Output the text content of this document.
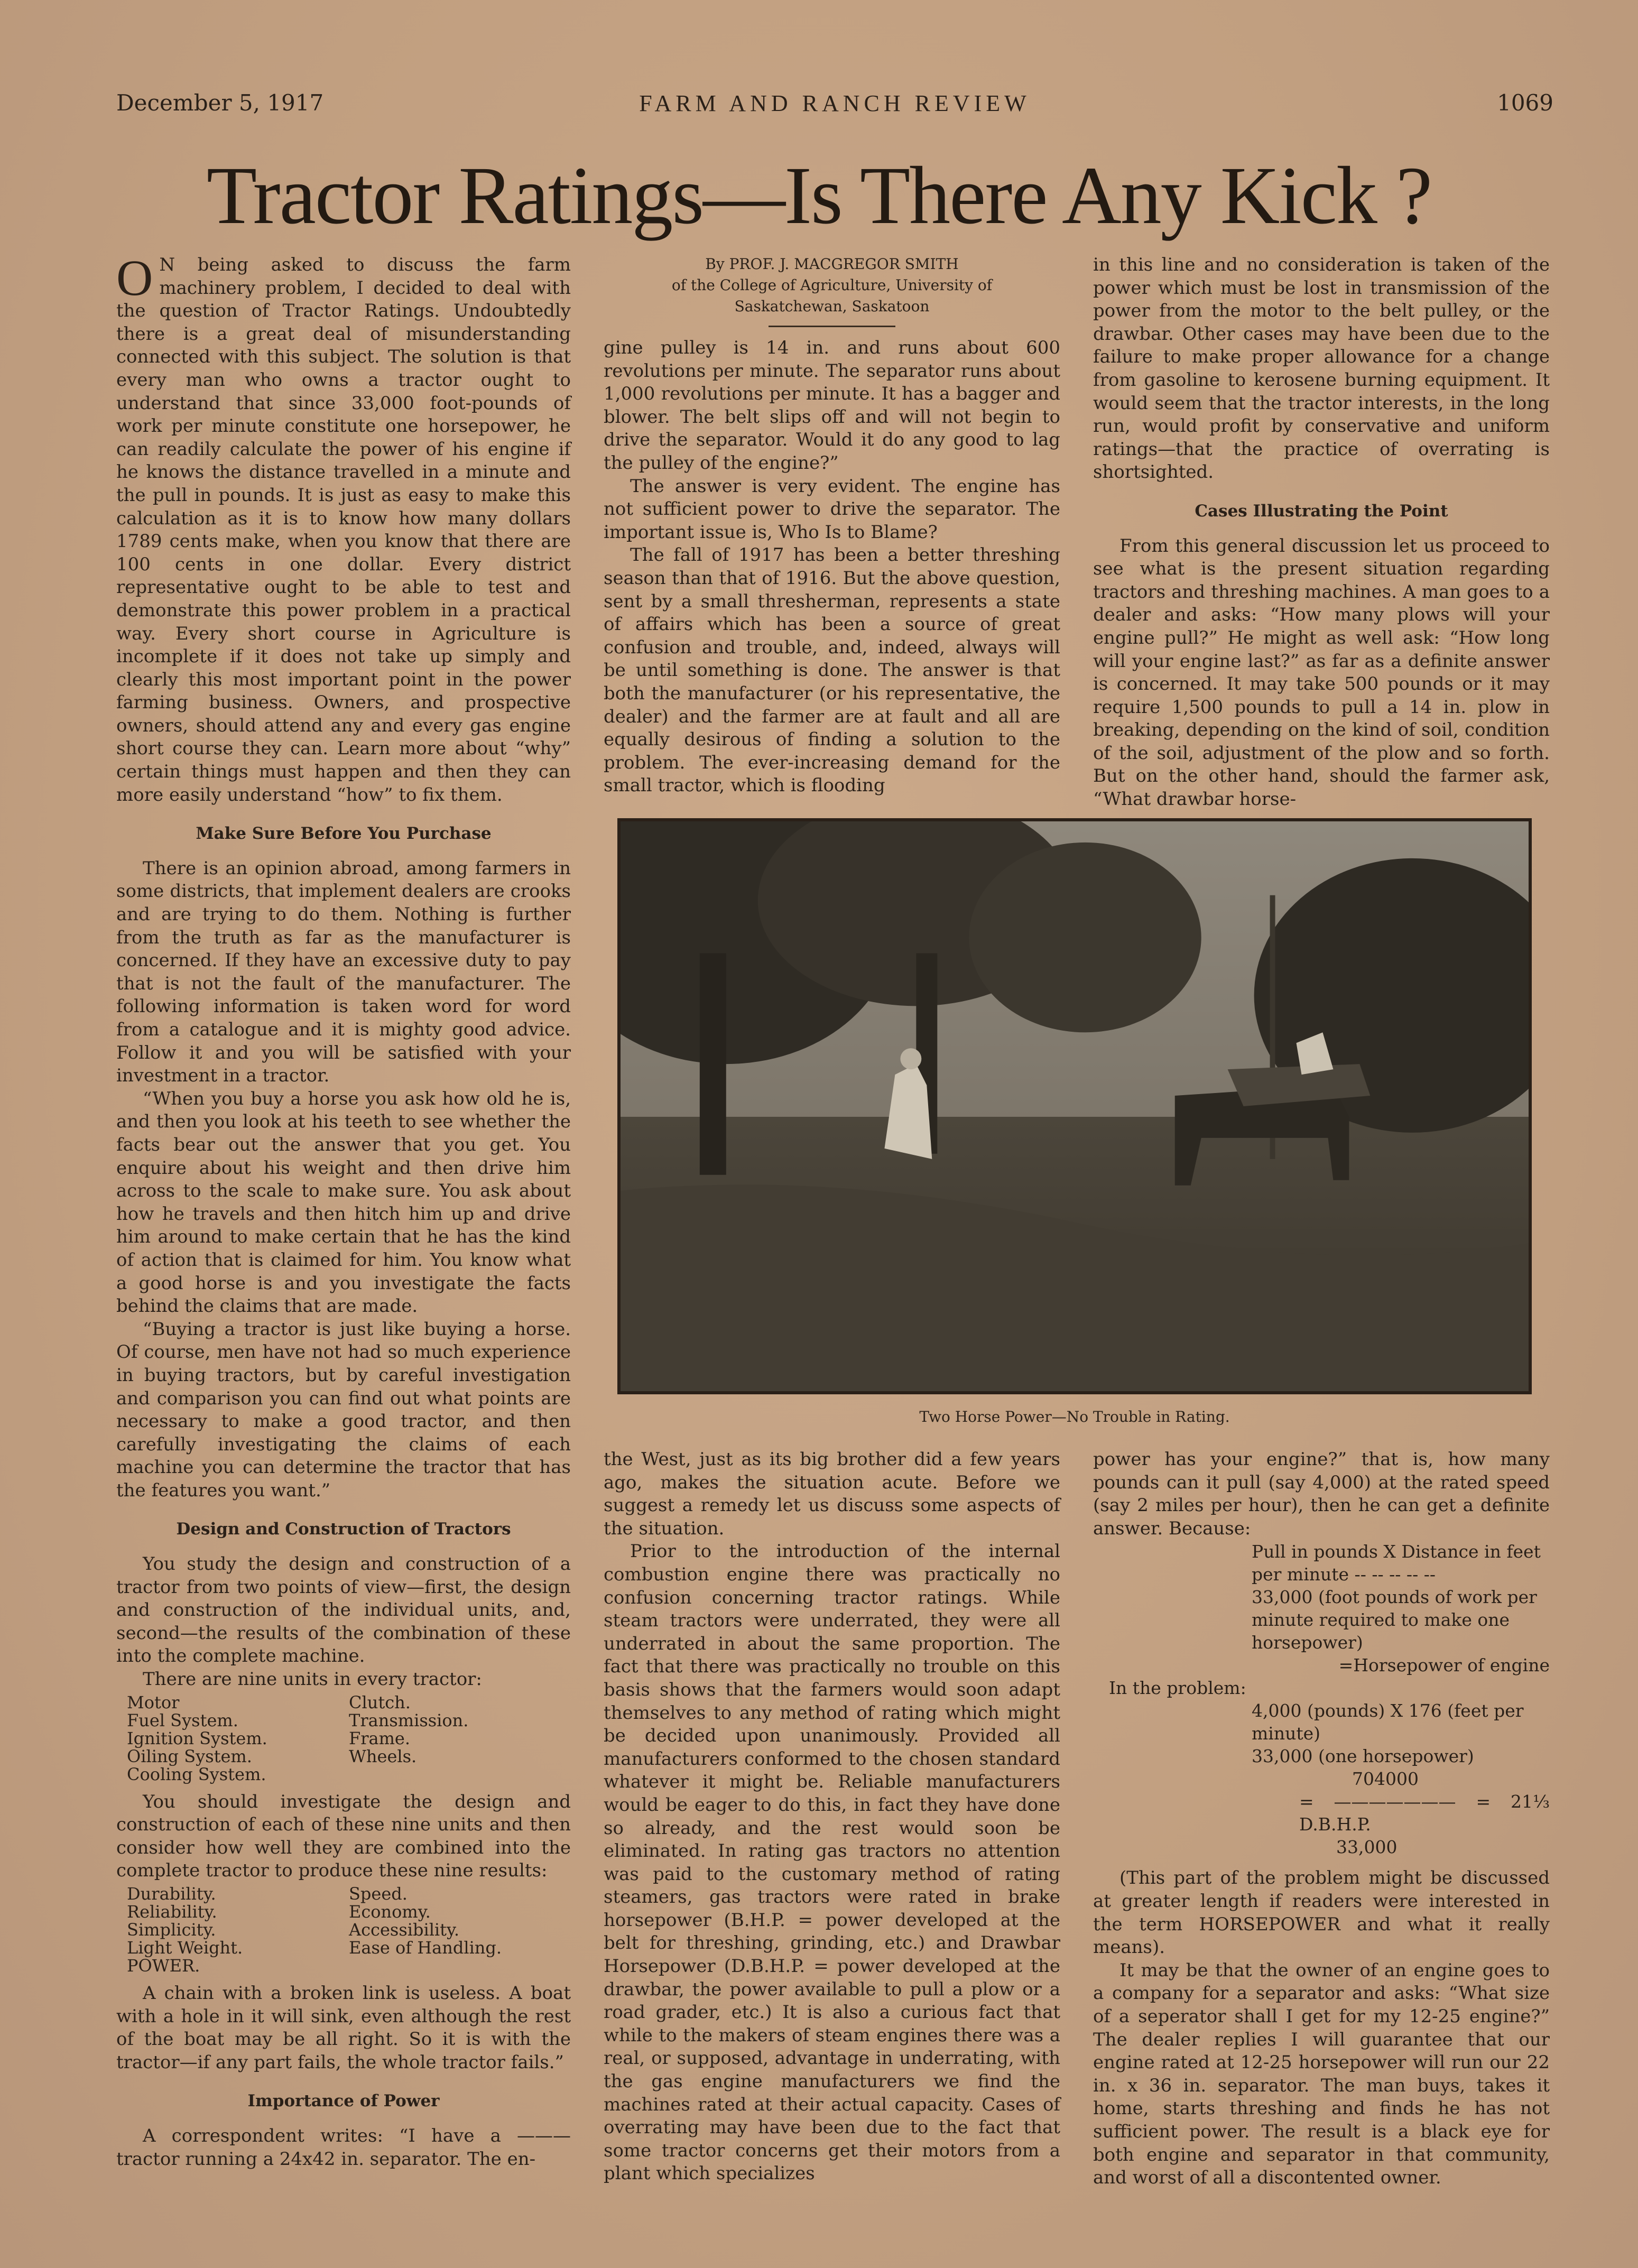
December 5, 1917	FARM AND RANCH REVIEW	1069
Tractor Ratings—Is There Any Kick ?

O N being asked to discuss the farm machinery problem, I decided to deal with the question of Tractor Ratings. Undoubtedly there is a great deal of misunderstanding connected with this subject. The solution is that every man who owns a tractor ought to understand that since 33,000 foot-pounds of work per minute constitute one horsepower, he can readily calculate the power of his engine if he knows the distance travelled in a minute and the pull in pounds. It is just as easy to make this calculation as it is to know how many dollars 1789 cents make, when you know that there are 100 cents in one dollar. Every district representative ought to be able to test and demonstrate this power problem in a practical way. Every short course in Agriculture is incomplete if it does not take up simply and clearly this most important point in the power farming business. Owners, and prospective owners, should attend any and every gas engine short course they can. Learn more about “why” certain things must happen and then they can more easily understand “how” to fix them.

Make Sure Before You Purchase

There is an opinion abroad, among farmers in some districts, that implement dealers are crooks and are trying to do them. Nothing is further from the truth as far as the manufacturer is concerned. If they have an excessive duty to pay that is not the fault of the manufacturer. The following information is taken word for word from a catalogue and it is mighty good advice. Follow it and you will be satisfied with your investment in a tractor.

“When you buy a horse you ask how old he is, and then you look at his teeth to see whether the facts bear out the answer that you get. You enquire about his weight and then drive him across to the scale to make sure. You ask about how he travels and then hitch him up and drive him around to make certain that he has the kind of action that is claimed for him. You know what a good horse is and you investigate the facts behind the claims that are made.

“Buying a tractor is just like buying a horse. Of course, men have not had so much experience in buying tractors, but by careful investigation and comparison you can find out what points are necessary to make a good tractor, and then carefully investigating the claims of each machine you can determine the tractor that has the features you want.”

Design and Construction of Tractors

You study the design and construction of a tractor from two points of view—first, the design and construction of the individual units, and, second—the results of the combination of these into the complete machine.

There are nine units in every tractor:

Motor	Clutch.
Fuel System.	Transmission.
Ignition System.	Frame.
Oiling System.	Wheels.
Cooling System.

You should investigate the design and construction of each of these nine units and then consider how well they are combined into the complete tractor to produce these nine results:

Durability.	Speed.
Reliability.	Economy.
Simplicity.	Accessibility.
Light Weight.	Ease of Handling.
POWER.

A chain with a broken link is useless. A boat with a hole in it will sink, even although the rest of the boat may be all right. So it is with the tractor—if any part fails, the whole tractor fails.”

Importance of Power

A correspondent writes: “I have a ——— tractor running a 24x42 in. separator. The en-

By PROF. J. MACGREGOR SMITH
of the College of Agriculture, University of
Saskatchewan, Saskatoon

gine pulley is 14 in. and runs about 600 revolutions per minute. The separator runs about 1,000 revolutions per minute. It has a bagger and blower. The belt slips off and will not begin to drive the separator. Would it do any good to lag the pulley of the engine?”

The answer is very evident. The engine has not sufficient power to drive the separator. The important issue is, Who Is to Blame?

The fall of 1917 has been a better threshing season than that of 1916. But the above question, sent by a small thresherman, represents a state of affairs which has been a source of great confusion and trouble, and, indeed, always will be until something is done. The answer is that both the manufacturer (or his representative, the dealer) and the farmer are at fault and all are equally desirous of finding a solution to the problem. The ever-increasing demand for the small tractor, which is flooding

in this line and no consideration is taken of the power which must be lost in transmission of the power from the motor to the belt pulley, or the drawbar. Other cases may have been due to the failure to make proper allowance for a change from gasoline to kerosene burning equipment. It would seem that the tractor interests, in the long run, would profit by conservative and uniform ratings—that the practice of overrating is shortsighted.

Cases Illustrating the Point

From this general discussion let us proceed to see what is the present situation regarding tractors and threshing machines. A man goes to a dealer and asks: “How many plows will your engine pull?” He might as well ask: “How long will your engine last?” as far as a definite answer is concerned. It may take 500 pounds or it may require 1,500 pounds to pull a 14 in. plow in breaking, depending on the kind of soil, condition of the soil, adjustment of the plow and so forth. But on the other hand, should the farmer ask, “What drawbar horse-

Two Horse Power—No Trouble in Rating.

the West, just as its big brother did a few years ago, makes the situation acute. Before we suggest a remedy let us discuss some aspects of the situation.

Prior to the introduction of the internal combustion engine there was practically no confusion concerning tractor ratings. While steam tractors were underrated, they were all underrated in about the same proportion. The fact that there was practically no trouble on this basis shows that the farmers would soon adapt themselves to any method of rating which might be decided upon unanimously. Provided all manufacturers conformed to the chosen standard whatever it might be. Reliable manufacturers would be eager to do this, in fact they have done so already, and the rest would soon be eliminated. In rating gas tractors no attention was paid to the customary method of rating steamers, gas tractors were rated in brake horsepower (B.H.P. = power developed at the belt for threshing, grinding, etc.) and Drawbar Horsepower (D.B.H.P. = power developed at the drawbar, the power available to pull a plow or a road grader, etc.) It is also a curious fact that while to the makers of steam engines there was a real, or supposed, advantage in underrating, with the gas engine manufacturers we find the machines rated at their actual capacity. Cases of overrating may have been due to the fact that some tractor concerns get their motors from a plant which specializes

power has your engine?” that is, how many pounds can it pull (say 4,000) at the rated speed (say 2 miles per hour), then he can get a definite answer. Because:

Pull in pounds X Distance in feet per minute -- -- -- -- --
33,000 (foot pounds of work per minute required to make one horsepower)
=Horsepower of engine
In the problem:
4,000 (pounds) X 176 (feet per minute)
33,000 (one horsepower)
704000
= ——————— = 21⅓ D.B.H.P.
33,000

(This part of the problem might be discussed at greater length if readers were interested in the term HORSEPOWER and what it really means).

It may be that the owner of an engine goes to a company for a separator and asks: “What size of a seperator shall I get for my 12-25 engine?” The dealer replies I will guarantee that our engine rated at 12-25 horsepower will run our 22 in. x 36 in. separator. The man buys, takes it home, starts threshing and finds he has not sufficient power. The result is a black eye for both engine and separator in that community, and worst of all a discontented owner.
